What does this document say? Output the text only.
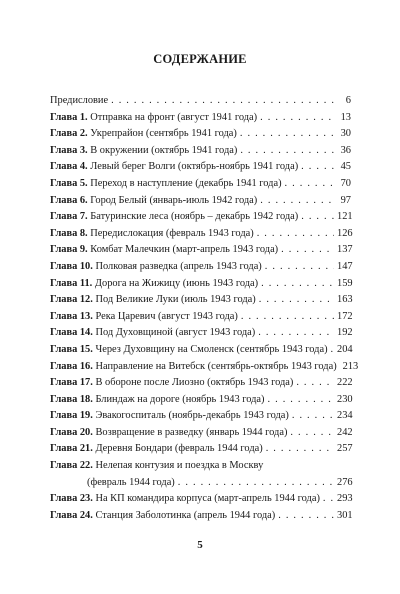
СОДЕРЖАНИЕ
Предисловие . . .	6
Глава 1. Отправка на фронт (август 1941 года) . . .	13
Глава 2. Укрепрайон (сентябрь 1941 года) . . .	30
Глава 3. В окружении (октябрь 1941 года) . . .	36
Глава 4. Левый берег Волги (октябрь-ноябрь 1941 года) . . .	45
Глава 5. Переход в наступление (декабрь 1941 года) . . .	70
Глава 6. Город Белый (январь-июль 1942 года) . . .	97
Глава 7. Батуринские леса (ноябрь – декабрь 1942 года) . . .	121
Глава 8. Передислокация (февраль 1943 года) . . .	126
Глава 9. Комбат Малечкин (март-апрель 1943 года) . . .	137
Глава 10. Полковая разведка (апрель 1943 года) . . .	147
Глава 11. Дорога на Жижицу (июнь 1943 года) . . .	159
Глава 12. Под Великие Луки (июль 1943 года) . . .	163
Глава 13. Река Царевич (август 1943 года) . . .	172
Глава 14. Под Духовщиной (август 1943 года) . . .	192
Глава 15. Через Духовщину на Смоленск (сентябрь 1943 года) . . . 204
Глава 16. Направление на Витебск (сентябрь-октябрь 1943 года) 213
Глава 17. В обороне после Лиозно (октябрь 1943 года) . . .	222
Глава 18. Блиндаж на дороге (ноябрь 1943 года) . . .	230
Глава 19. Эвакогоспиталь (ноябрь-декабрь 1943 года) . . .	234
Глава 20. Возвращение в разведку (январь 1944 года) . . .	242
Глава 21. Деревня Бондари (февраль 1944 года) . . .	257
Глава 22. Нелепая контузия и поездка в Москву
(февраль 1944 года) . . .	276
Глава 23. На КП командира корпуса (март-апрель 1944 года) . . . 293
Глава 24. Станция Заболотинка (апрель 1944 года) . . .	301
5
